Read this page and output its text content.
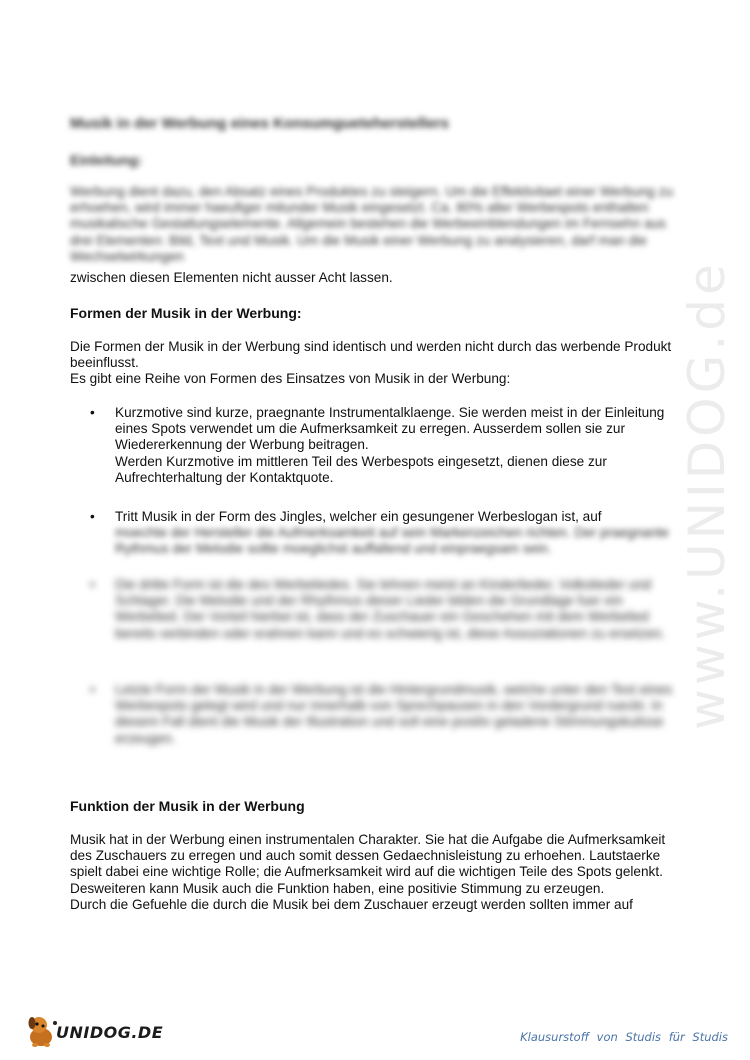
www.UNIDOG.de
Musik in der Werbung eines Konsumgueteherstellers
Einleitung:
Werbung dient dazu, den Absatz eines Produktes zu steigern. Um die Effektivitaet einer Werbung zu erhoehen, wird immer haeufiger mitunder Musik eingesetzt. Ca. 80% aller Werbespots enthalten musikalische Gestaltungselemente. Allgemein bestehen die Werbeeinblendungen im Fernsehn aus drei Elementen: Bild, Text und Musik. Um die Musik einer Werbung zu analysieren, darf man die Wechselwirkungen
zwischen diesen Elementen nicht ausser Acht lassen.
Formen der Musik in der Werbung:

Die Formen der Musik in der Werbung sind identisch und werden nicht durch das werbende Produkt beeinflusst.

Es gibt eine Reihe von Formen des Einsatzes von Musik in der Werbung:

• Kurzmotive sind kurze, praegnante Instrumentalklaenge. Sie werden meist in der Einleitung eines Spots verwendet um die Aufmerksamkeit zu erregen. Ausserdem sollen sie zur Wiedererkennung der Werbung beitragen.

Werden Kurzmotive im mittleren Teil des Werbespots eingesetzt, dienen diese zur Aufrechterhaltung der Kontaktquote.

• Tritt Musik in der Form des Jingles, welcher ein gesungener Werbeslogan ist, auf

moechte der Hersteller die Aufmerksamkeit auf sein Markenzeichen richten. Der praegnante Rythmus der Melodie sollte moeglichst auffallend und einpraegsam sein.

• Die dritte Form ist die des Werbeliedes. Sie lehnen meist an Kinderlieder, Volkslieder und Schlager. Die Melodie und der Rhythmus dieser Lieder bilden die Grundlage fuer ein Werbelied. Der Vorteil hierbei ist, dass der Zuschauer ein Geschehen mit dem Werbelied bereits verbinden oder erahnen kann und es schwierig ist, diese Assoziationen zu ersetzen.

• Letzte Form der Musik in der Werbung ist die Hintergrundmusik, welche unter den Text eines Werbespots gelegt wird und nur innerhalb von Sprechpausen in den Vordergrund rueckt. In diesem Fall dient die Musik der Illustration und soll eine positiv geladene Stimmungskulisse erzeugen.

Funktion der Musik in der Werbung

Musik hat in der Werbung einen instrumentalen Charakter. Sie hat die Aufgabe die Aufmerksamkeit des Zuschauers zu erregen und auch somit dessen Gedaechnisleistung zu erhoehen. Lautstaerke spielt dabei eine wichtige Rolle; die Aufmerksamkeit wird auf die wichtigen Teile des Spots gelenkt.

Desweiteren kann Musik auch die Funktion haben, eine positivie Stimmung zu erzeugen.

Durch die Gefuehle die durch die Musik bei dem Zuschauer erzeugt werden sollten immer auf

UNIDOG.DE	Klausurstoff von Studis für Studis
